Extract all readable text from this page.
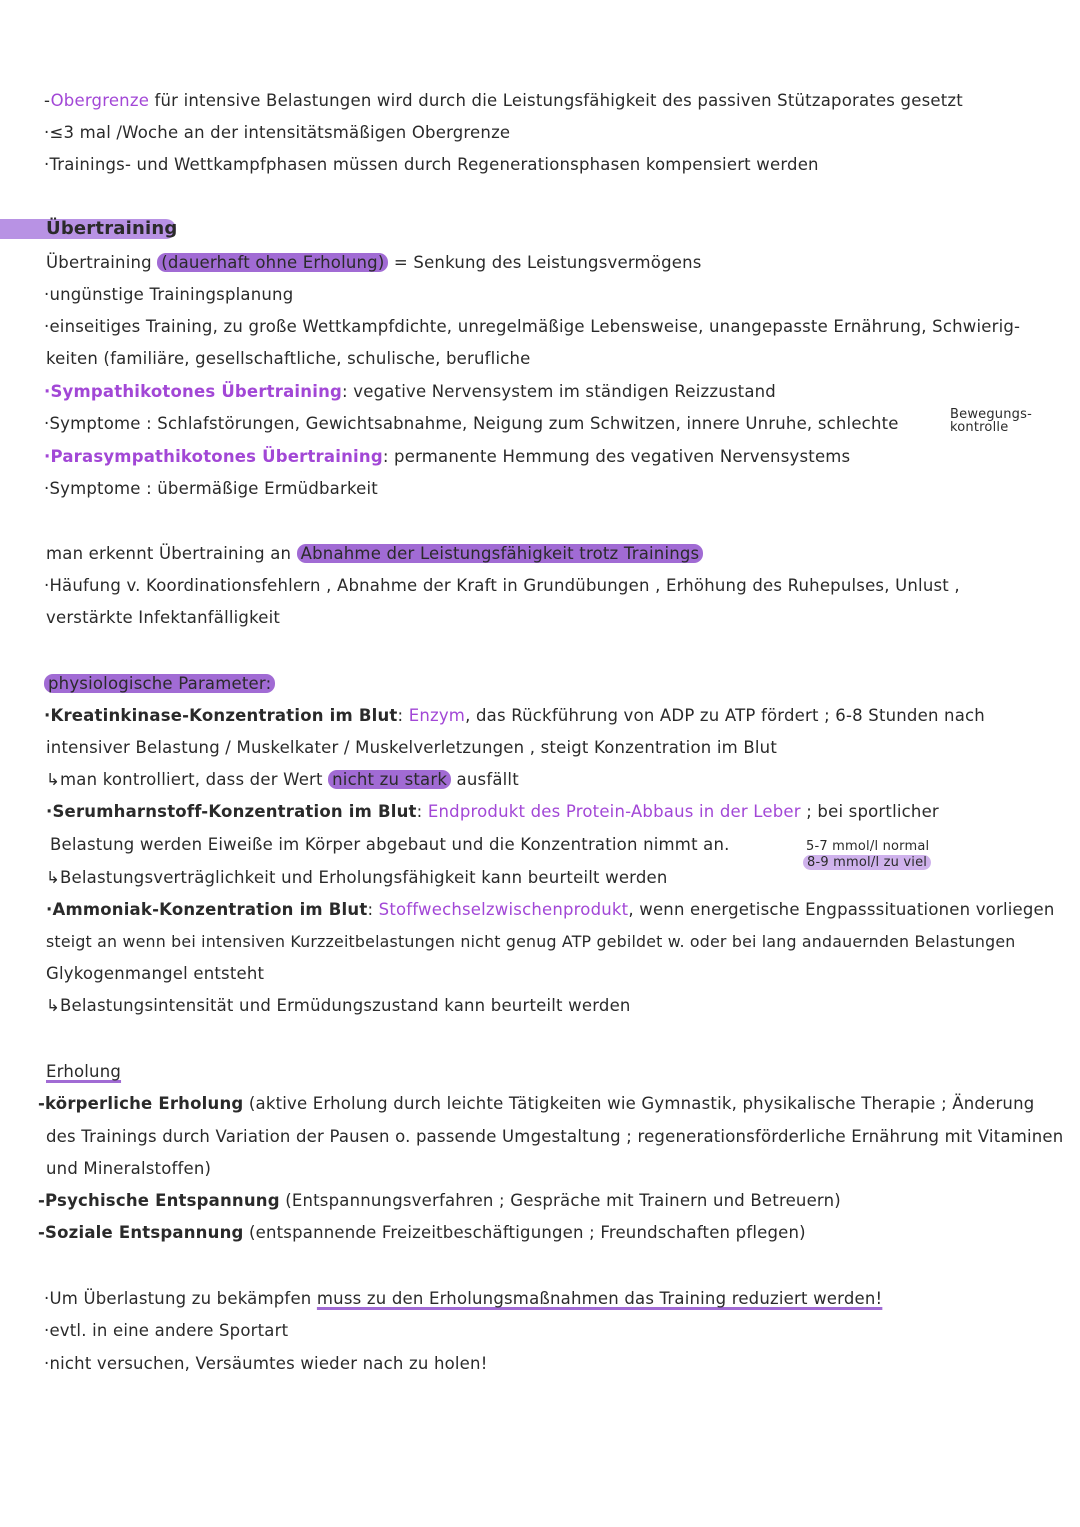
-Obergrenze für intensive Belastungen wird durch die Leistungsfähigkeit des passiven Stützaporates gesetzt
·≤3 mal /Woche an der intensitätsmäßigen Obergrenze
·Trainings- und Wettkampfphasen müssen durch Regenerationsphasen kompensiert werden
Übertraining
Übertraining (dauerhaft ohne Erholung) = Senkung des Leistungsvermögens
·ungünstige Trainingsplanung
·einseitiges Training, zu große Wettkampfdichte, unregelmäßige Lebensweise, unangepasste Ernährung, Schwierig-
keiten (familiäre, gesellschaftliche, schulische, berufliche
·Sympathikotones Übertraining: vegative Nervensystem im ständigen Reizzustand
·Symptome : Schlafstörungen, Gewichtsabnahme, Neigung zum Schwitzen, innere Unruhe, schlechte	Bewegungs-
kontrolle
·Parasympathikotones Übertraining: permanente Hemmung des vegativen Nervensystems
·Symptome : übermäßige Ermüdbarkeit
man erkennt Übertraining an Abnahme der Leistungsfähigkeit trotz Trainings
·Häufung v. Koordinationsfehlern , Abnahme der Kraft in Grundübungen , Erhöhung des Ruhepulses, Unlust ,
verstärkte Infektanfälligkeit
physiologische Parameter:
·Kreatinkinase-Konzentration im Blut: Enzym, das Rückführung von ADP zu ATP fördert ; 6-8 Stunden nach
intensiver Belastung / Muskelkater / Muskelverletzungen , steigt Konzentration im Blut
↳man kontrolliert, dass der Wert nicht zu stark ausfällt
·Serumharnstoff-Konzentration im Blut: Endprodukt des Protein-Abbaus in der Leber ; bei sportlicher
Belastung werden Eiweiße im Körper abgebaut und die Konzentration nimmt an.	5-7 mmol/l normal
8-9 mmol/l zu viel
↳Belastungsverträglichkeit und Erholungsfähigkeit kann beurteilt werden
·Ammoniak-Konzentration im Blut: Stoffwechselzwischenprodukt, wenn energetische Engpasssituationen vorliegen
steigt an wenn bei intensiven Kurzzeitbelastungen nicht genug ATP gebildet w. oder bei lang andauernden Belastungen
Glykogenmangel entsteht
↳Belastungsintensität und Ermüdungszustand kann beurteilt werden
Erholung
-körperliche Erholung (aktive Erholung durch leichte Tätigkeiten wie Gymnastik, physikalische Therapie ; Änderung
des Trainings durch Variation der Pausen o. passende Umgestaltung ; regenerationsförderliche Ernährung mit Vitaminen
und Mineralstoffen)
-Psychische Entspannung (Entspannungsverfahren ; Gespräche mit Trainern und Betreuern)
-Soziale Entspannung (entspannende Freizeitbeschäftigungen ; Freundschaften pflegen)
·Um Überlastung zu bekämpfen muss zu den Erholungsmaßnahmen das Training reduziert werden!
·evtl. in eine andere Sportart
·nicht versuchen, Versäumtes wieder nach zu holen!
